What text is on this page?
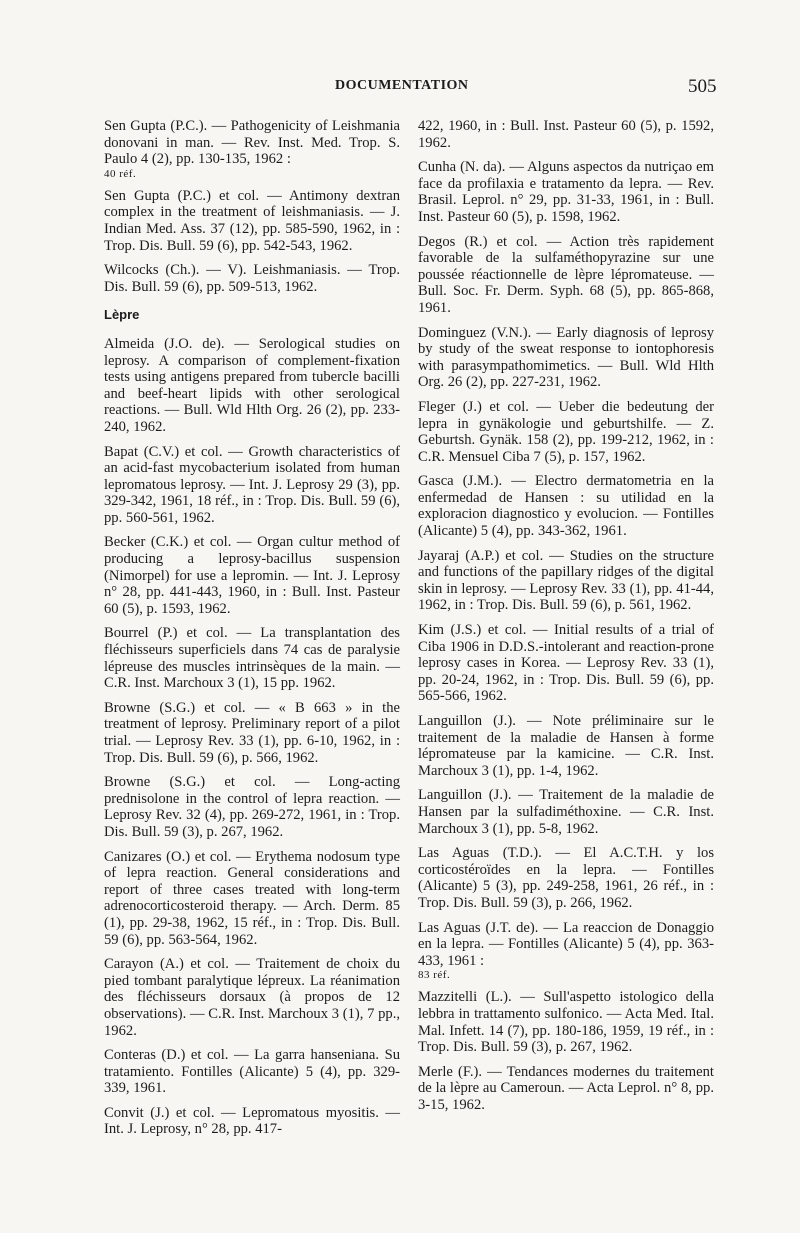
DOCUMENTATION	505

Sen Gupta (P.C.). — Pathogenicity of Leishmania donovani in man. — Rev. Inst. Med. Trop. S. Paulo 4 (2), pp. 130-135, 1962 :
40 réf.

Sen Gupta (P.C.) et col. — Antimony dextran complex in the treatment of leishmaniasis. — J. Indian Med. Ass. 37 (12), pp. 585-590, 1962, in : Trop. Dis. Bull. 59 (6), pp. 542-543, 1962.

Wilcocks (Ch.). — V). Leishmaniasis. — Trop. Dis. Bull. 59 (6), pp. 509-513, 1962.

Lèpre

Almeida (J.O. de). — Serological studies on leprosy. A comparison of complement-fixation tests using antigens prepared from tubercle bacilli and beef-heart lipids with other serological reactions. — Bull. Wld Hlth Org. 26 (2), pp. 233-240, 1962.

Bapat (C.V.) et col. — Growth characteristics of an acid-fast mycobacterium isolated from human lepromatous leprosy. — Int. J. Leprosy 29 (3), pp. 329-342, 1961, 18 réf., in : Trop. Dis. Bull. 59 (6), pp. 560-561, 1962.

Becker (C.K.) et col. — Organ cultur method of producing a leprosy-bacillus suspension (Nimorpel) for use a lepromin. — Int. J. Leprosy n° 28, pp. 441-443, 1960, in : Bull. Inst. Pasteur 60 (5), p. 1593, 1962.

Bourrel (P.) et col. — La transplantation des fléchisseurs superficiels dans 74 cas de paralysie lépreuse des muscles intrinsèques de la main. — C.R. Inst. Marchoux 3 (1), 15 pp. 1962.

Browne (S.G.) et col. — « B 663 » in the treatment of leprosy. Preliminary report of a pilot trial. — Leprosy Rev. 33 (1), pp. 6-10, 1962, in : Trop. Dis. Bull. 59 (6), p. 566, 1962.

Browne (S.G.) et col. — Long-acting prednisolone in the control of lepra reaction. — Leprosy Rev. 32 (4), pp. 269-272, 1961, in : Trop. Dis. Bull. 59 (3), p. 267, 1962.

Canizares (O.) et col. — Erythema nodosum type of lepra reaction. General considerations and report of three cases treated with long-term adrenocorticosteroid therapy. — Arch. Derm. 85 (1), pp. 29-38, 1962, 15 réf., in : Trop. Dis. Bull. 59 (6), pp. 563-564, 1962.

Carayon (A.) et col. — Traitement de choix du pied tombant paralytique lépreux. La réanimation des fléchisseurs dorsaux (à propos de 12 observations). — C.R. Inst. Marchoux 3 (1), 7 pp., 1962.

Conteras (D.) et col. — La garra hanseniana. Su tratamiento. Fontilles (Alicante) 5 (4), pp. 329-339, 1961.

Convit (J.) et col. — Lepromatous myositis. — Int. J. Leprosy, n° 28, pp. 417-

422, 1960, in : Bull. Inst. Pasteur 60 (5), p. 1592, 1962.

Cunha (N. da). — Alguns aspectos da nutriçao em face da profilaxia e tratamento da lepra. — Rev. Brasil. Leprol. n° 29, pp. 31-33, 1961, in : Bull. Inst. Pasteur 60 (5), p. 1598, 1962.

Degos (R.) et col. — Action très rapidement favorable de la sulfaméthopyrazine sur une poussée réactionnelle de lèpre lépromateuse. — Bull. Soc. Fr. Derm. Syph. 68 (5), pp. 865-868, 1961.

Dominguez (V.N.). — Early diagnosis of leprosy by study of the sweat response to iontophoresis with parasympathomimetics. — Bull. Wld Hlth Org. 26 (2), pp. 227-231, 1962.

Fleger (J.) et col. — Ueber die bedeutung der lepra in gynäkologie und geburtshilfe. — Z. Geburtsh. Gynäk. 158 (2), pp. 199-212, 1962, in : C.R. Mensuel Ciba 7 (5), p. 157, 1962.

Gasca (J.M.). — Electro dermatometria en la enfermedad de Hansen : su utilidad en la exploracion diagnostico y evolucion. — Fontilles (Alicante) 5 (4), pp. 343-362, 1961.

Jayaraj (A.P.) et col. — Studies on the structure and functions of the papillary ridges of the digital skin in leprosy. — Leprosy Rev. 33 (1), pp. 41-44, 1962, in : Trop. Dis. Bull. 59 (6), p. 561, 1962.

Kim (J.S.) et col. — Initial results of a trial of Ciba 1906 in D.D.S.-intolerant and reaction-prone leprosy cases in Korea. — Leprosy Rev. 33 (1), pp. 20-24, 1962, in : Trop. Dis. Bull. 59 (6), pp. 565-566, 1962.

Languillon (J.). — Note préliminaire sur le traitement de la maladie de Hansen à forme lépromateuse par la kamicine. — C.R. Inst. Marchoux 3 (1), pp. 1-4, 1962.

Languillon (J.). — Traitement de la maladie de Hansen par la sulfadiméthoxine. — C.R. Inst. Marchoux 3 (1), pp. 5-8, 1962.

Las Aguas (T.D.). — El A.C.T.H. y los corticostéroïdes en la lepra. — Fontilles (Alicante) 5 (3), pp. 249-258, 1961, 26 réf., in : Trop. Dis. Bull. 59 (3), p. 266, 1962.

Las Aguas (J.T. de). — La reaccion de Donaggio en la lepra. — Fontilles (Alicante) 5 (4), pp. 363-433, 1961 :
83 réf.

Mazzitelli (L.). — Sull'aspetto istologico della lebbra in trattamento sulfonico. — Acta Med. Ital. Mal. Infett. 14 (7), pp. 180-186, 1959, 19 réf., in : Trop. Dis. Bull. 59 (3), p. 267, 1962.

Merle (F.). — Tendances modernes du traitement de la lèpre au Cameroun. — Acta Leprol. n° 8, pp. 3-15, 1962.
